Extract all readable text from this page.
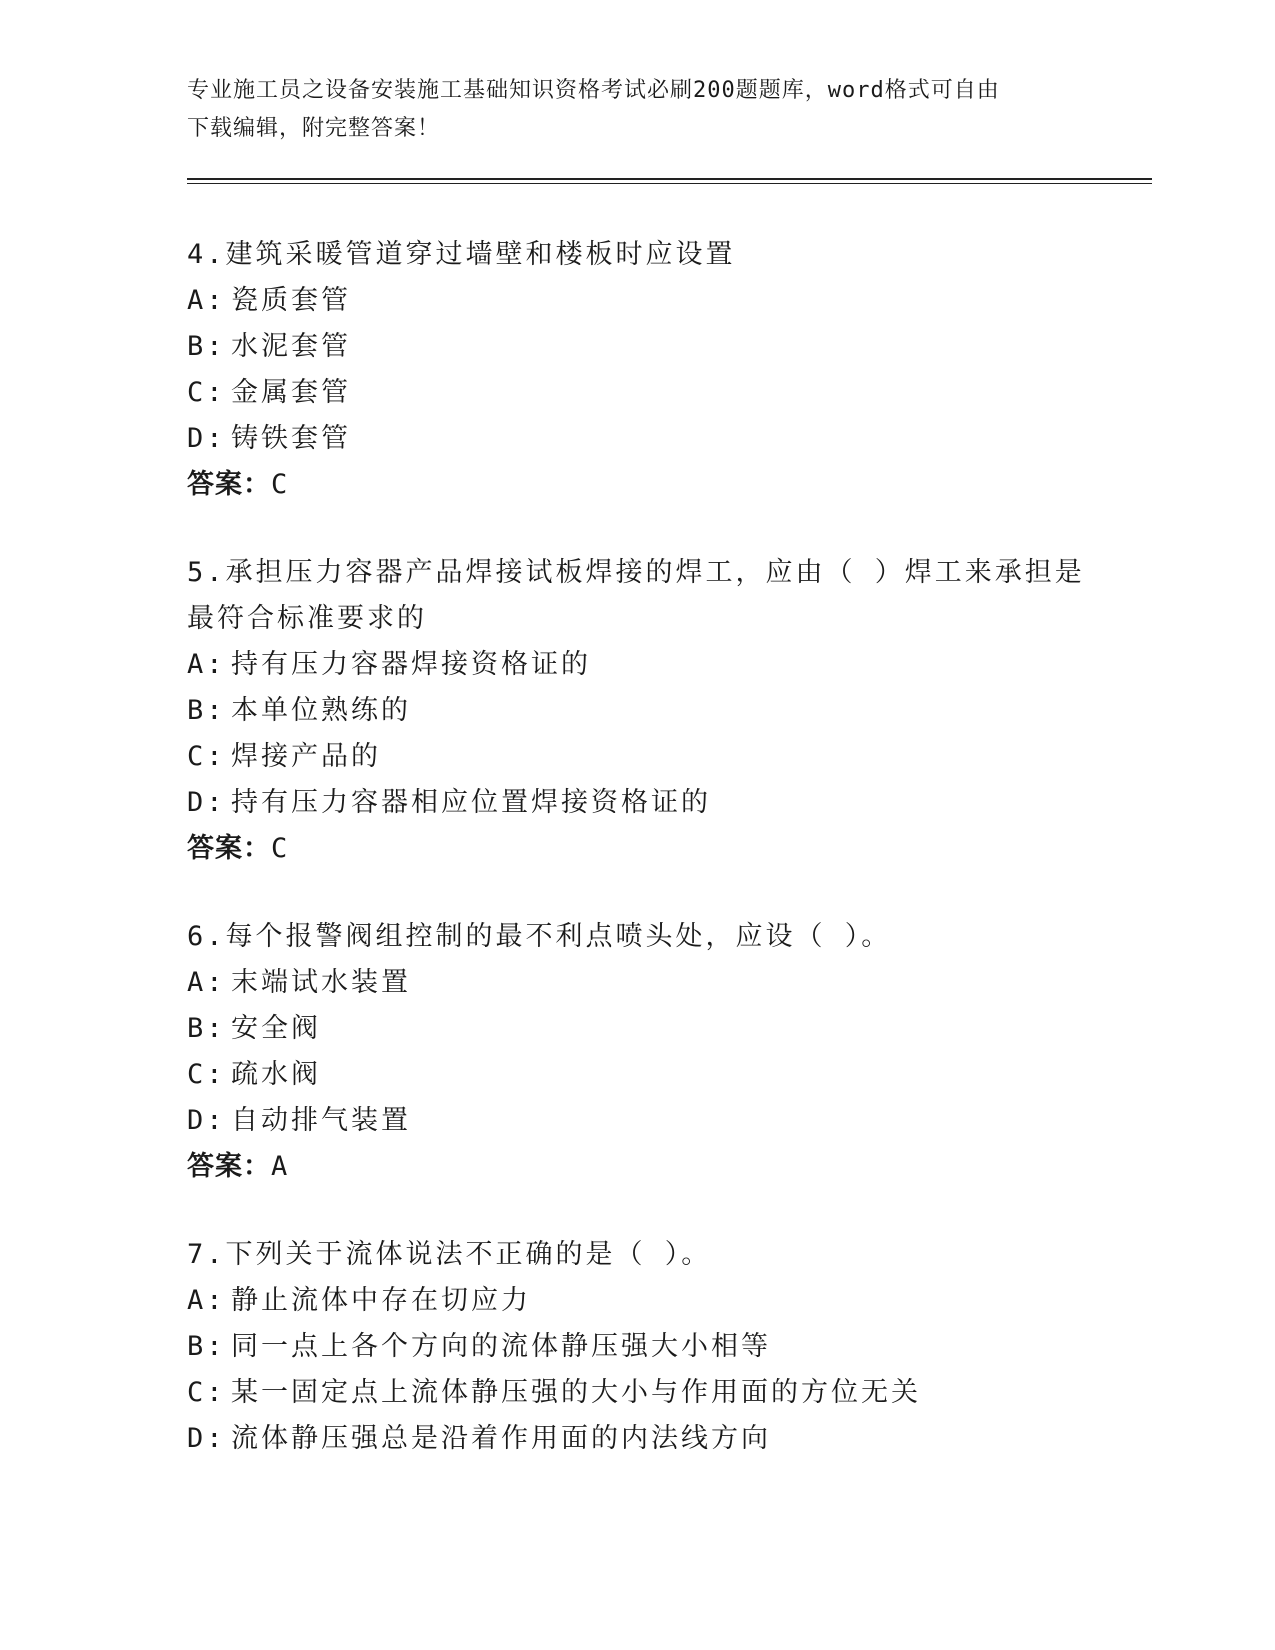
专业施工员之设备安装施工基础知识资格考试必刷200题题库，word格式可自由
下载编辑，附完整答案！
4.建筑采暖管道穿过墙壁和楼板时应设置
A: 瓷质套管
B: 水泥套管
C: 金属套管
D: 铸铁套管
答案：C
5.承担压力容器产品焊接试板焊接的焊工，应由（ ）焊工来承担是最符合标准要求的
A: 持有压力容器焊接资格证的
B: 本单位熟练的
C: 焊接产品的
D: 持有压力容器相应位置焊接资格证的
答案：C
6.每个报警阀组控制的最不利点喷头处，应设（ ）。
A: 末端试水装置
B: 安全阀
C: 疏水阀
D: 自动排气装置
答案：A
7.下列关于流体说法不正确的是（ ）。
A: 静止流体中存在切应力
B: 同一点上各个方向的流体静压强大小相等
C: 某一固定点上流体静压强的大小与作用面的方位无关
D: 流体静压强总是沿着作用面的内法线方向
